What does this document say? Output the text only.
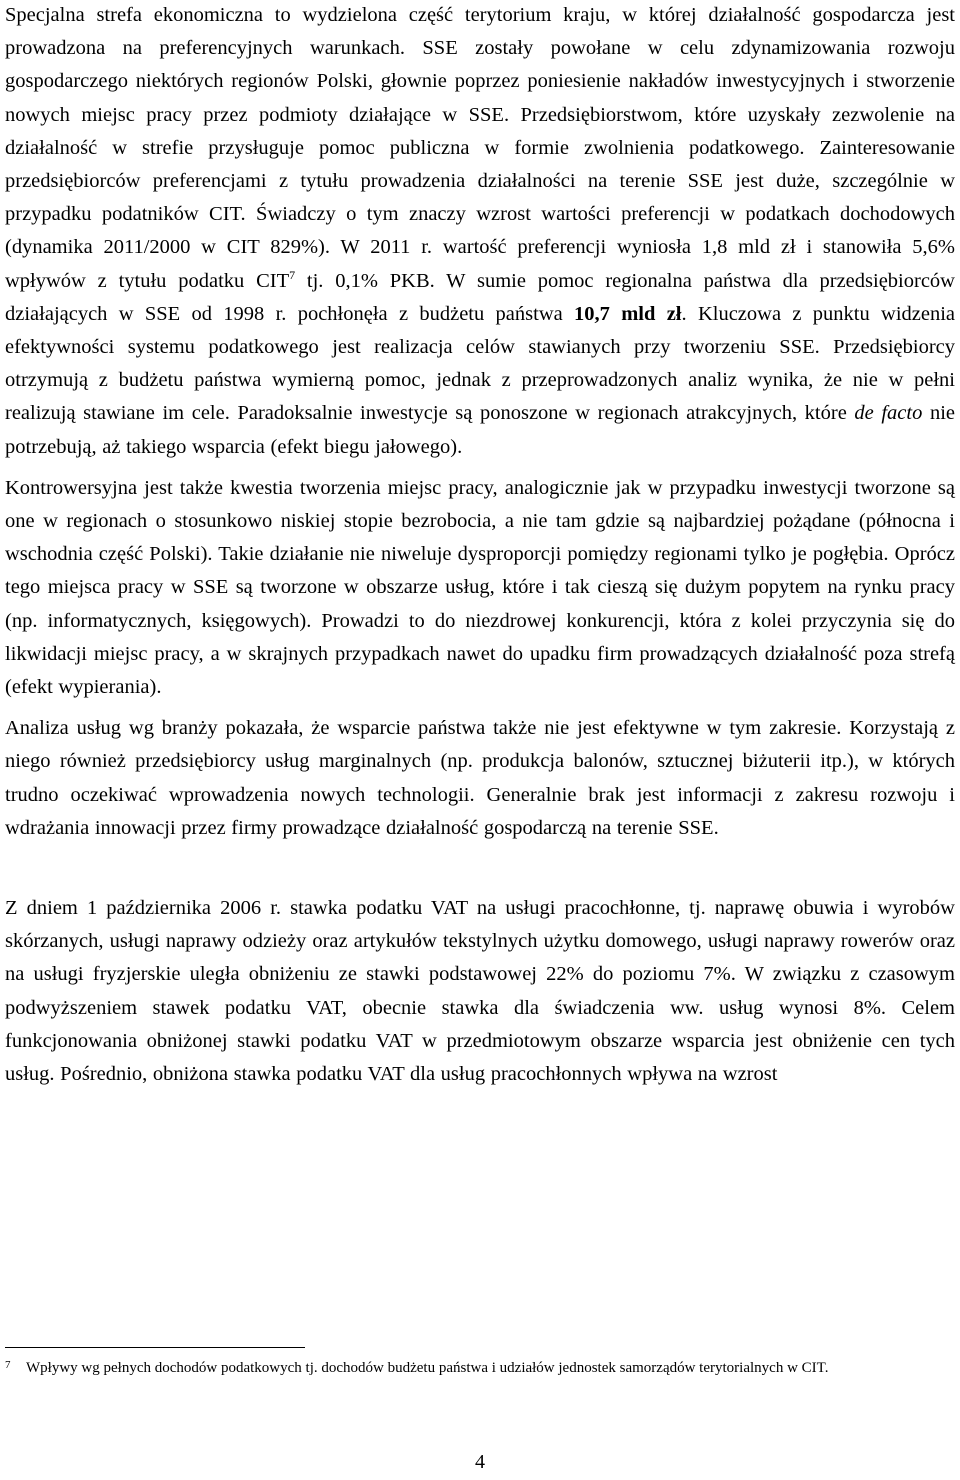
Specjalna strefa ekonomiczna to wydzielona część terytorium kraju, w której działalność gospodarcza jest prowadzona na preferencyjnych warunkach. SSE zostały powołane w celu zdynamizowania rozwoju gospodarczego niektórych regionów Polski, głownie poprzez poniesienie nakładów inwestycyjnych i stworzenie nowych miejsc pracy przez podmioty działające w SSE. Przedsiębiorstwom, które uzyskały zezwolenie na działalność w strefie przysługuje pomoc publiczna w formie zwolnienia podatkowego. Zainteresowanie przedsiębiorców preferencjami z tytułu prowadzenia działalności na terenie SSE jest duże, szczególnie w przypadku podatników CIT. Świadczy o tym znaczy wzrost wartości preferencji w podatkach dochodowych (dynamika 2011/2000 w CIT 829%). W 2011 r. wartość preferencji wyniosła 1,8 mld zł i stanowiła 5,6% wpływów z tytułu podatku CIT$^7$ tj. 0,1% PKB. W sumie pomoc regionalna państwa dla przedsiębiorców działających w SSE od 1998 r. pochłonęła z budżetu państwa 10,7 mld zł. Kluczowa z punktu widzenia efektywności systemu podatkowego jest realizacja celów stawianych przy tworzeniu SSE. Przedsiębiorcy otrzymują z budżetu państwa wymierną pomoc, jednak z przeprowadzonych analiz wynika, że nie w pełni realizują stawiane im cele. Paradoksalnie inwestycje są ponoszone w regionach atrakcyjnych, które de facto nie potrzebują, aż takiego wsparcia (efekt biegu jałowego).

Kontrowersyjna jest także kwestia tworzenia miejsc pracy, analogicznie jak w przypadku inwestycji tworzone są one w regionach o stosunkowo niskiej stopie bezrobocia, a nie tam gdzie są najbardziej pożądane (północna i wschodnia część Polski). Takie działanie nie niweluje dysproporcji pomiędzy regionami tylko je pogłębia. Oprócz tego miejsca pracy w SSE są tworzone w obszarze usług, które i tak cieszą się dużym popytem na rynku pracy (np. informatycznych, księgowych). Prowadzi to do niezdrowej konkurencji, która z kolei przyczynia się do likwidacji miejsc pracy, a w skrajnych przypadkach nawet do upadku firm prowadzących działalność poza strefą (efekt wypierania).

Analiza usług wg branży pokazała, że wsparcie państwa także nie jest efektywne w tym zakresie. Korzystają z niego również przedsiębiorcy usług marginalnych (np. produkcja balonów, sztucznej biżuterii itp.), w których trudno oczekiwać wprowadzenia nowych technologii. Generalnie brak jest informacji z zakresu rozwoju i wdrażania innowacji przez firmy prowadzące działalność gospodarczą na terenie SSE.

Z dniem 1 października 2006 r. stawka podatku VAT na usługi pracochłonne, tj. naprawę obuwia i wyrobów skórzanych, usługi naprawy odzieży oraz artykułów tekstylnych użytku domowego, usługi naprawy rowerów oraz na usługi fryzjerskie uległa obniżeniu ze stawki podstawowej 22% do poziomu 7%. W związku z czasowym podwyższeniem stawek podatku VAT, obecnie stawka dla świadczenia ww. usług wynosi 8%. Celem funkcjonowania obniżonej stawki podatku VAT w przedmiotowym obszarze wsparcia jest obniżenie cen tych usług. Pośrednio, obniżona stawka podatku VAT dla usług pracochłonnych wpływa na wzrost

7 Wpływy wg pełnych dochodów podatkowych tj. dochodów budżetu państwa i udziałów jednostek samorządów terytorialnych w CIT.
4
